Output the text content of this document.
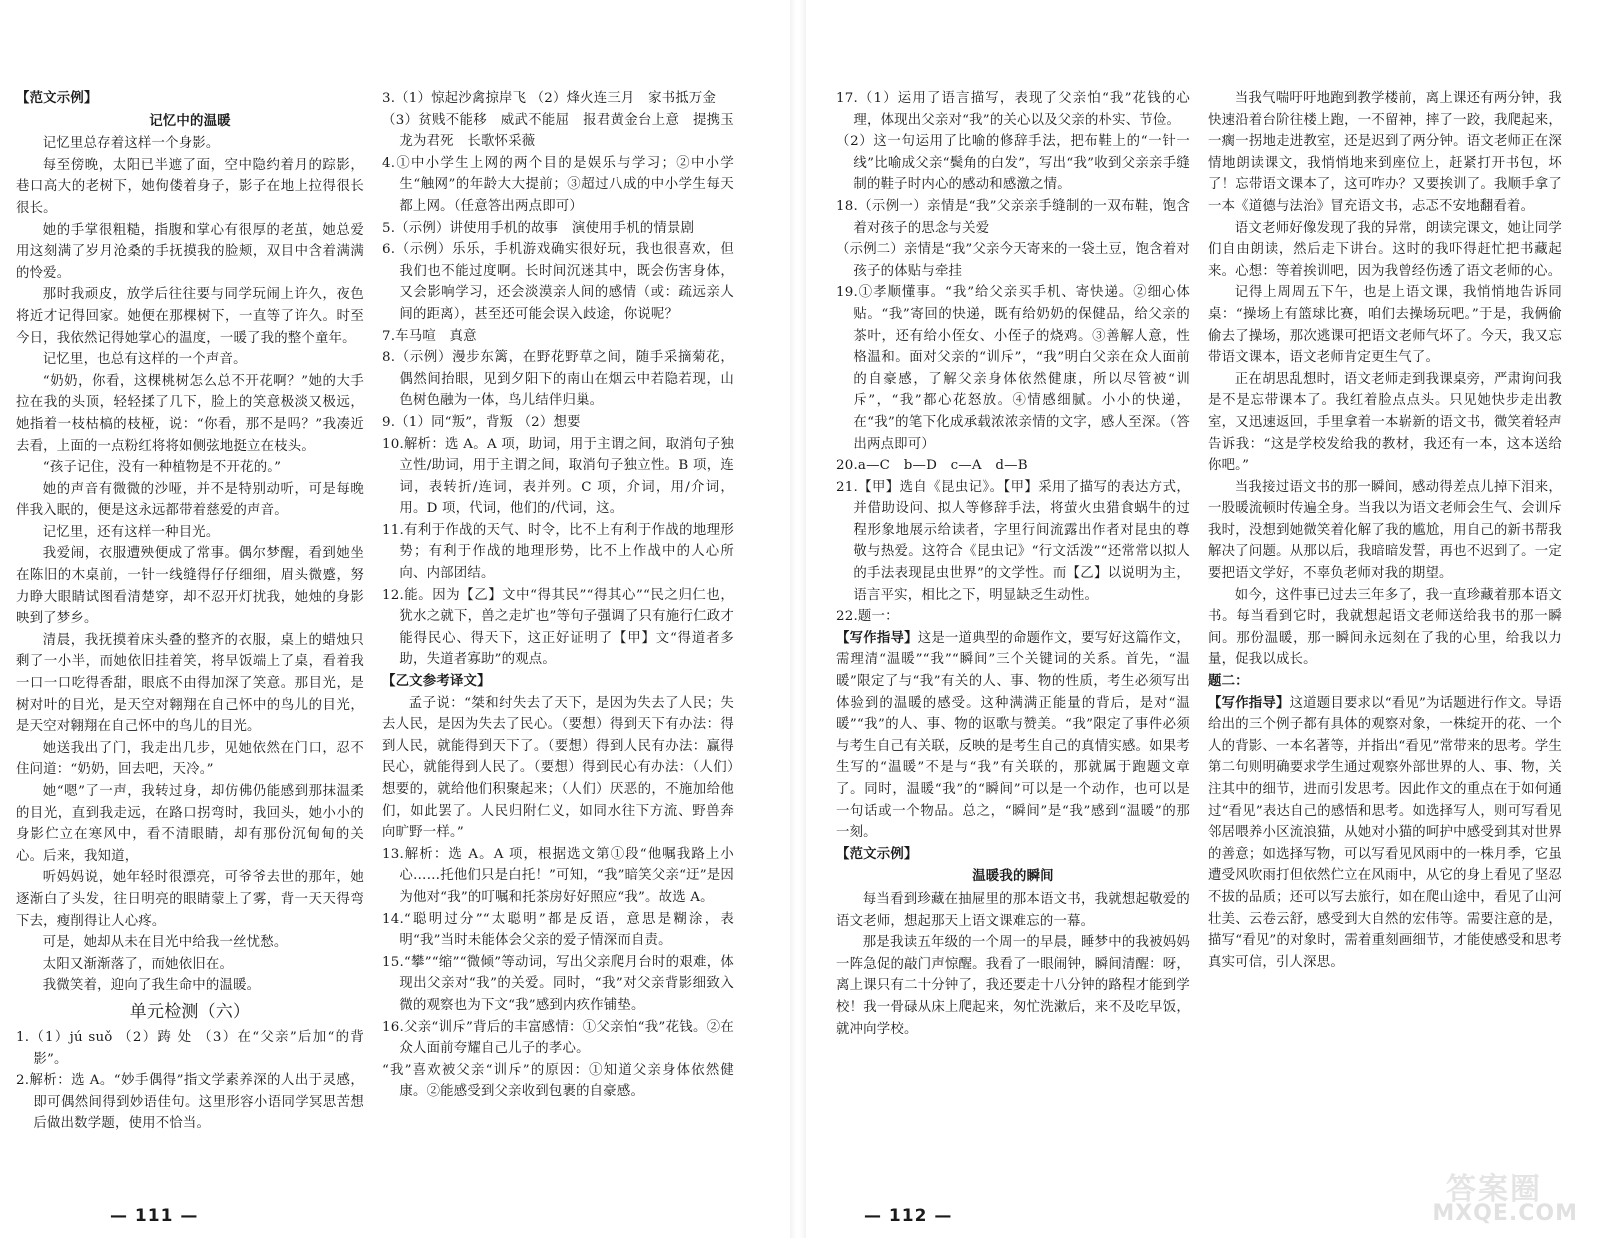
【范文示例】

记忆中的温暖

记忆里总存着这样一个身影。

每至傍晚，太阳已半遮了面，空中隐约着月的踪影，巷口高大的老树下，她佝偻着身子，影子在地上拉得很长很长。

她的手掌很粗糙，指腹和掌心有很厚的老茧，她总爱用这刻满了岁月沧桑的手抚摸我的脸颊，双目中含着满满的怜爱。

那时我顽皮，放学后往往要与同学玩闹上许久，夜色将近才记得回家。她便在那棵树下，一直等了许久。时至今日，我依然记得她掌心的温度，一暖了我的整个童年。

记忆里，也总有这样的一个声音。

“奶奶，你看，这棵桃树怎么总不开花啊？”她的大手拉在我的头顶，轻轻揉了几下，脸上的笑意极淡又极远，她指着一枝枯槁的枝桠，说：“你看，那不是吗？”我凑近去看，上面的一点粉红将将如侧弦地挺立在枝头。

“孩子记住，没有一种植物是不开花的。”

她的声音有微微的沙哑，并不是特别动听，可是每晚伴我入眠的，便是这永远都带着慈爱的声音。

记忆里，还有这样一种目光。

我爱闹，衣服遭殃便成了常事。偶尔梦醒，看到她坐在陈旧的木桌前，一针一线缝得仔仔细细，眉头微蹙，努力睁大眼睛试图看清楚穿，却不忍开灯扰我，她烛的身影映到了梦乡。

清晨，我抚摸着床头叠的整齐的衣服，桌上的蜡烛只剩了一小半，而她依旧挂着笑，将早饭端上了桌，看着我一口一口吃得香甜，眼底不由得加深了笑意。那目光，是树对叶的目光，是天空对翱翔在自己怀中的鸟儿的目光，是天空对翱翔在自己怀中的鸟儿的目光。

她送我出了门，我走出几步，见她依然在门口，忍不住问道：“奶奶，回去吧，天冷。”

她“嗯”了一声，我转过身，却仿佛仍能感到那抹温柔的目光，直到我走远，在路口拐弯时，我回头，她小小的身影伫立在寒风中，看不清眼睛，却有那份沉甸甸的关心。后来，我知道，

听妈妈说，她年轻时很漂亮，可爷爷去世的那年，她逐渐白了头发，往日明亮的眼睛蒙上了雾，背一天天得弯下去，瘦削得让人心疼。

可是，她却从未在目光中给我一丝忧愁。

太阳又渐渐落了，而她依旧在。

我微笑着，迎向了我生命中的温暖。

单元检测（六）

1.（1）jú suǒ （2）踌 处 （3）在“父亲”后加“的背影”。

2.解析：选 A。“妙手偶得”指文学素养深的人出于灵感，即可偶然间得到妙语佳句。这里形容小语同学冥思苦想后做出数学题，使用不恰当。

3.（1）惊起沙禽掠岸飞 （2）烽火连三月　家书抵万金

（3）贫贱不能移　威武不能屈　报君黄金台上意　提携玉龙为君死　长歌怀采薇

4.①中小学生上网的两个目的是娱乐与学习；②中小学生“触网”的年龄大大提前；③超过八成的中小学生每天都上网。（任意答出两点即可）

5.（示例）讲使用手机的故事　演使用手机的情景剧

6.（示例）乐乐，手机游戏确实很好玩，我也很喜欢，但我们也不能过度啊。长时间沉迷其中，既会伤害身体，又会影响学习，还会淡漠亲人间的感情（或：疏远亲人间的距离），甚至还可能会误入歧途，你说呢？

7.车马喧　真意

8.（示例）漫步东篱，在野花野草之间，随手采摘菊花，偶然间抬眼，见到夕阳下的南山在烟云中若隐若现，山色树色融为一体，鸟儿结伴归巢。

9.（1）同“叛”，背叛 （2）想要

10.解析：选 A。A 项，助词，用于主谓之间，取消句子独立性/助词，用于主谓之间，取消句子独立性。B 项，连词，表转折/连词，表并列。C 项，介词，用/介词，用。D 项，代词，他们的/代词，这。

11.有利于作战的天气、时令，比不上有利于作战的地理形势；有利于作战的地理形势，比不上作战中的人心所向、内部团结。

12.能。因为【乙】文中“得其民”“得其心”“民之归仁也，犹水之就下，兽之走圹也”等句子强调了只有施行仁政才能得民心、得天下，这正好证明了【甲】文“得道者多助，失道者寡助”的观点。

【乙文参考译文】

孟子说：“桀和纣失去了天下，是因为失去了人民；失去人民，是因为失去了民心。（要想）得到天下有办法：得到人民，就能得到天下了。（要想）得到人民有办法：赢得民心，就能得到人民了。（要想）得到民心有办法：（人们）想要的，就给他们积聚起来；（人们）厌恶的，不施加给他们，如此罢了。人民归附仁义，如同水往下方流、野兽奔向旷野一样。”

13.解析：选 A。A 项，根据选文第①段“他嘱我路上小心……托他们只是白托！”可知，“我”暗笑父亲“迂”是因为他对“我”的叮嘱和托茶房好好照应“我”。故选 A。

14.“聪明过分”“太聪明”都是反语，意思是糊涂，表明“我”当时未能体会父亲的爱子情深而自责。

15.“攀”“缩”“微倾”等动词，写出父亲爬月台时的艰难，体现出父亲对“我”的关爱。同时，“我”对父亲背影细致入微的观察也为下文“我”感到内疚作铺垫。

16.父亲“训斥”背后的丰富感情：①父亲怕“我”花钱。②在众人面前夸耀自己儿子的孝心。

“我”喜欢被父亲“训斥”的原因：①知道父亲身体依然健康。②能感受到父亲收到包裹的自豪感。

— 111 —

17.（1）运用了语言描写，表现了父亲怕“我”花钱的心理，体现出父亲对“我”的关心以及父亲的朴实、节俭。

（2）这一句运用了比喻的修辞手法，把布鞋上的“一针一线”比喻成父亲“鬓角的白发”，写出“我”收到父亲亲手缝制的鞋子时内心的感动和感激之情。

18.（示例一）亲情是“我”父亲亲手缝制的一双布鞋，饱含着对孩子的思念与关爱

（示例二）亲情是“我”父亲今天寄来的一袋土豆，饱含着对孩子的体贴与牵挂

19.①孝顺懂事。“我”给父亲买手机、寄快递。②细心体贴。“我”寄回的快递，既有给奶奶的保健品，给父亲的茶叶，还有给小侄女、小侄子的烧鸡。③善解人意，性格温和。面对父亲的“训斥”，“我”明白父亲在众人面前的自豪感，了解父亲身体依然健康，所以尽管被“训斥”，“我”都心花怒放。④情感细腻。小小的快递，在“我”的笔下化成承载浓浓亲情的文字，感人至深。（答出两点即可）

20.a—C　b—D　c—A　d—B

21.【甲】选自《昆虫记》。【甲】采用了描写的表达方式，并借助设问、拟人等修辞手法，将萤火虫猎食蜗牛的过程形象地展示给读者，字里行间流露出作者对昆虫的尊敬与热爱。这符合《昆虫记》“行文活泼”“还常常以拟人的手法表现昆虫世界”的文学性。而【乙】以说明为主，语言平实，相比之下，明显缺乏生动性。

22.题一：

【写作指导】这是一道典型的命题作文，要写好这篇作文，需理清“温暖”“我”“瞬间”三个关键词的关系。首先，“温暖”限定了与“我”有关的人、事、物的性质，考生必须写出体验到的温暖的感受。这种满满正能量的背后，是对“温暖”“我”的人、事、物的讴歌与赞美。“我”限定了事件必须与考生自己有关联，反映的是考生自己的真情实感。如果考生写的“温暖”不是与“我”有关联的，那就属于跑题文章了。同时，温暖“我”的“瞬间”可以是一个动作，也可以是一句话或一个物品。总之，“瞬间”是“我”感到“温暖”的那一刻。

【范文示例】

温暖我的瞬间

每当看到珍藏在抽屉里的那本语文书，我就想起敬爱的语文老师，想起那天上语文课难忘的一幕。

那是我读五年级的一个周一的早晨，睡梦中的我被妈妈一阵急促的敲门声惊醒。我看了一眼闹钟，瞬间清醒：呀，离上课只有二十分钟了，我还要走十八分钟的路程才能到学校！我一骨碌从床上爬起来，匆忙洗漱后，来不及吃早饭，就冲向学校。

当我气喘吁吁地跑到教学楼前，离上课还有两分钟，我快速沿着台阶往楼上跑，一不留神，摔了一跤，我爬起来，一瘸一拐地走进教室，还是迟到了两分钟。语文老师正在深情地朗读课文，我悄悄地来到座位上，赶紧打开书包，坏了！忘带语文课本了，这可咋办？又要挨训了。我顺手拿了一本《道德与法治》冒充语文书，忐忑不安地翻看着。

语文老师好像发现了我的异常，朗读完课文，她让同学们自由朗读，然后走下讲台。这时的我吓得赶忙把书藏起来。心想：等着挨训吧，因为我曾经伤透了语文老师的心。

记得上周周五下午，也是上语文课，我悄悄地告诉同桌：“操场上有篮球比赛，咱们去操场玩吧。”于是，我俩偷偷去了操场，那次逃课可把语文老师气坏了。今天，我又忘带语文课本，语文老师肯定更生气了。

正在胡思乱想时，语文老师走到我课桌旁，严肃询问我是不是忘带课本了。我红着脸点点头。只见她快步走出教室，又迅速返回，手里拿着一本崭新的语文书，微笑着轻声告诉我：“这是学校发给我的教材，我还有一本，这本送给你吧。”

当我接过语文书的那一瞬间，感动得差点儿掉下泪来，一股暖流顿时传遍全身。当我以为语文老师会生气、会训斥我时，没想到她微笑着化解了我的尴尬，用自己的新书帮我解决了问题。从那以后，我暗暗发誓，再也不迟到了。一定要把语文学好，不辜负老师对我的期望。

如今，这件事已过去三年多了，我一直珍藏着那本语文书。每当看到它时，我就想起语文老师送给我书的那一瞬间。那份温暖，那一瞬间永远刻在了我的心里，给我以力量，促我以成长。

题二：

【写作指导】这道题目要求以“看见”为话题进行作文。导语给出的三个例子都有具体的观察对象，一株绽开的花、一个人的背影、一本名著等，并指出“看见”常带来的思考。学生第二句则明确要求学生通过观察外部世界的人、事、物，关注其中的细节，进而引发思考。因此作文的重点在于如何通过“看见”表达自己的感悟和思考。如选择写人，则可写看见邻居喂养小区流浪猫，从她对小猫的呵护中感受到其对世界的善意；如选择写物，可以写看见风雨中的一株月季，它虽遭受风吹雨打但依然伫立在风雨中，从它的身上看见了坚忍不拔的品质；还可以写去旅行，如在爬山途中，看见了山河壮美、云卷云舒，感受到大自然的宏伟等。需要注意的是，描写“看见”的对象时，需着重刻画细节，才能使感受和思考真实可信，引人深思。

— 112 —
答案圈
MXQE.COM
